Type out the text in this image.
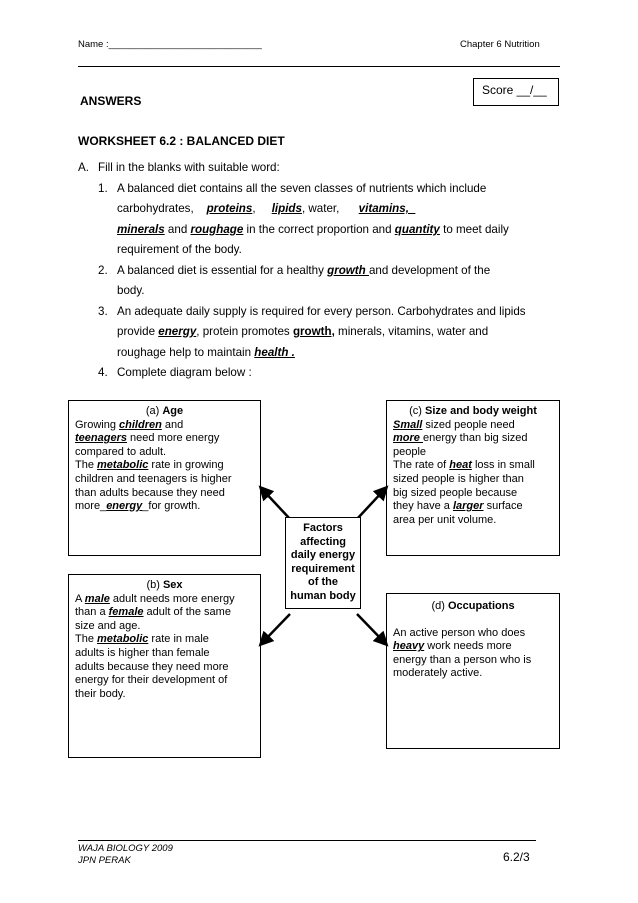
Name :_____________________________	Chapter 6 Nutrition
Score __/__
ANSWERS
WORKSHEET 6.2 : BALANCED DIET
A. Fill in the blanks with suitable word:
1. A balanced diet contains all the seven classes of nutrients which include
carbohydrates, proteins, lipids, water, vitamins,_
minerals and roughage in the correct proportion and quantity to meet daily
requirement of the body.
2. A balanced diet is essential for a healthy growth and development of the
body.
3. An adequate daily supply is required for every person. Carbohydrates and lipids
provide energy, protein promotes growth, minerals, vitamins, water and
roughage help to maintain health .
4. Complete diagram below :
(a) Age
Growing children and
teenagers need more energy
compared to adult.
The metabolic rate in growing
children and teenagers is higher
than adults because they need
more_energy_for growth.
(c) Size and body weight
Small sized people need
more energy than big sized
people
The rate of heat loss in small
sized people is higher than
big sized people because
they have a larger surface
area per unit volume.
Factors
affecting
daily energy
requirement
of the
human body
(b) Sex
A male adult needs more energy
than a female adult of the same
size and age.
The metabolic rate in male
adults is higher than female
adults because they need more
energy for their development of
their body.
(d) Occupations
An active person who does
heavy work needs more
energy than a person who is
moderately active.
WAJA BIOLOGY 2009
JPN PERAK	6.2/3
